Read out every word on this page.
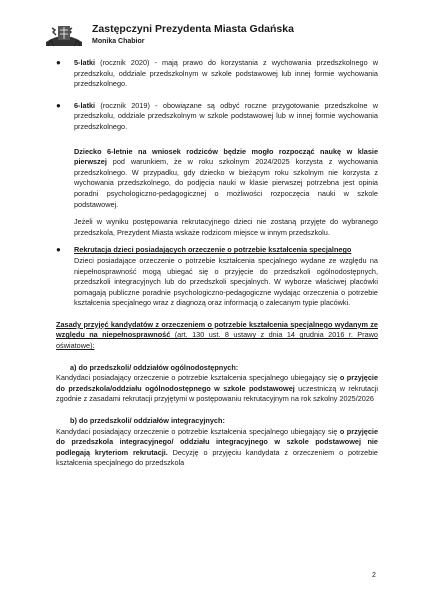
Zastępczyni Prezydenta Miasta Gdańska
Monika Chabior
● 5-latki (rocznik 2020) - mają prawo do korzystania z wychowania przedszkolnego w przedszkolu, oddziale przedszkolnym w szkole podstawowej lub innej formie wychowania przedszkolnego.

● 6-latki (rocznik 2019) - obowiązane są odbyć roczne przygotowanie przedszkolne w przedszkolu, oddziale przedszkolnym w szkole podstawowej lub w innej formie wychowania przedszkolnego.

Dziecko 6-letnie na wniosek rodziców będzie mogło rozpocząć naukę w klasie pierwszej pod warunkiem, że w roku szkolnym 2024/2025 korzysta z wychowania przedszkolnego. W przypadku, gdy dziecko w bieżącym roku szkolnym nie korzysta z wychowania przedszkolnego, do podjęcia nauki w klasie pierwszej potrzebna jest opinia poradni psychologiczno-pedagogicznej o możliwości rozpoczęcia nauki w szkole podstawowej.

Jeżeli w wyniku postępowania rekrutacyjnego dzieci nie zostaną przyjęte do wybranego przedszkola, Prezydent Miasta wskaże rodzicom miejsce w innym przedszkolu.

● Rekrutacja dzieci posiadających orzeczenie o potrzebie kształcenia specjalnego

Dzieci posiadające orzeczenie o potrzebie kształcenia specjalnego wydane ze względu na niepełnosprawność mogą ubiegać się o przyjęcie do przedszkoli ogólnodostępnych, przedszkoli integracyjnych lub do przedszkoli specjalnych. W wyborze właściwej placówki pomagają publiczne poradnie psychologiczno-pedagogiczne wydając orzeczenia o potrzebie kształcenia specjalnego wraz z diagnozą oraz informacją o zalecanym typie placówki.

Zasady przyjęć kandydatów z orzeczeniem o potrzebie kształcenia specjalnego wydanym ze względu na niepełnosprawność (art. 130 ust. 8 ustawy z dnia 14 grudnia 2016 r. Prawo oświatowe):

a) do przedszkoli/ oddziałów ogólnodostępnych:

Kandydaci posiadający orzeczenie o potrzebie kształcenia specjalnego ubiegający się o przyjęcie do przedszkola/oddziału ogólnodostępnego w szkole podstawowej uczestniczą w rekrutacji zgodnie z zasadami rekrutacji przyjętymi w postępowaniu rekrutacyjnym na rok szkolny 2025/2026

b) do przedszkoli/ oddziałów integracyjnych:

Kandydaci posiadający orzeczenie o potrzebie kształcenia specjalnego ubiegający się o przyjęcie do przedszkola integracyjnego/ oddziału integracyjnego w szkole podstawowej nie podlegają kryteriom rekrutacji. Decyzję o przyjęciu kandydata z orzeczeniem o potrzebie kształcenia specjalnego do przedszkola

2
